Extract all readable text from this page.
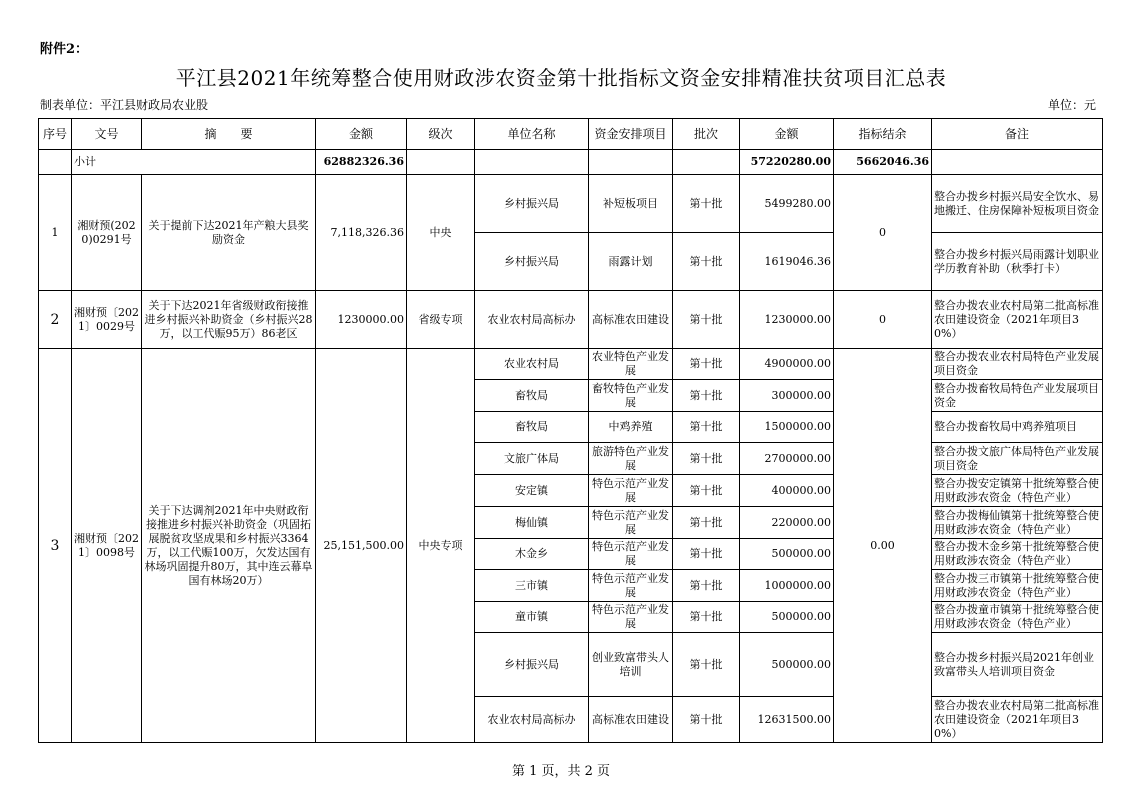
附件2：
平江县2021年统筹整合使用财政涉农资金第十批指标文资金安排精准扶贫项目汇总表
制表单位：平江县财政局农业股	单位：元
序号	文号	摘　　要	金额	级次	单位名称	资金安排项目	批次	金额	指标结余	备注
	小计		62882326.36					57220280.00	5662046.36	
1	湘财预(2020)0291号	关于提前下达2021年产粮大县奖励资金	7,118,326.36	中央	乡村振兴局	补短板项目	第十批	5499280.00	0	整合办拨乡村振兴局安全饮水、易地搬迁、住房保障补短板项目资金
					乡村振兴局	雨露计划	第十批	1619046.36		整合办拨乡村振兴局雨露计划职业学历教育补助（秋季打卡）
2	湘财预〔2021〕0029号	关于下达2021年省级财政衔接推进乡村振兴补助资金（乡村振兴28万，以工代赈95万）86老区	1230000.00	省级专项	农业农村局高标办	高标准农田建设	第十批	1230000.00	0	整合办拨农业农村局第二批高标准农田建设资金（2021年项目30%）
3	湘财预〔2021〕0098号	关于下达调剂2021年中央财政衔接推进乡村振兴补助资金（巩固拓展脱贫攻坚成果和乡村振兴3364万，以工代赈100万，欠发达国有林场巩固提升80万，其中连云幕阜国有林场20万）	25,151,500.00	中央专项	农业农村局	农业特色产业发展	第十批	4900000.00	0.00	整合办拨农业农村局特色产业发展项目资金
					畜牧局	畜牧特色产业发展	第十批	300000.00		整合办拨畜牧局特色产业发展项目资金
					畜牧局	中鸡养殖	第十批	1500000.00		整合办拨畜牧局中鸡养殖项目
					文旅广体局	旅游特色产业发展	第十批	2700000.00		整合办拨文旅广体局特色产业发展项目资金
					安定镇	特色示范产业发展	第十批	400000.00		整合办拨安定镇第十批统筹整合使用财政涉农资金（特色产业）
					梅仙镇	特色示范产业发展	第十批	220000.00		整合办拨梅仙镇第十批统筹整合使用财政涉农资金（特色产业）
					木金乡	特色示范产业发展	第十批	500000.00		整合办拨木金乡第十批统筹整合使用财政涉农资金（特色产业）
					三市镇	特色示范产业发展	第十批	1000000.00		整合办拨三市镇第十批统筹整合使用财政涉农资金（特色产业）
					童市镇	特色示范产业发展	第十批	500000.00		整合办拨童市镇第十批统筹整合使用财政涉农资金（特色产业）
					乡村振兴局	创业致富带头人培训	第十批	500000.00		整合办拨乡村振兴局2021年创业致富带头人培训项目资金
					农业农村局高标办	高标准农田建设	第十批	12631500.00		整合办拨农业农村局第二批高标准农田建设资金（2021年项目30%）
第 1 页，共 2 页
